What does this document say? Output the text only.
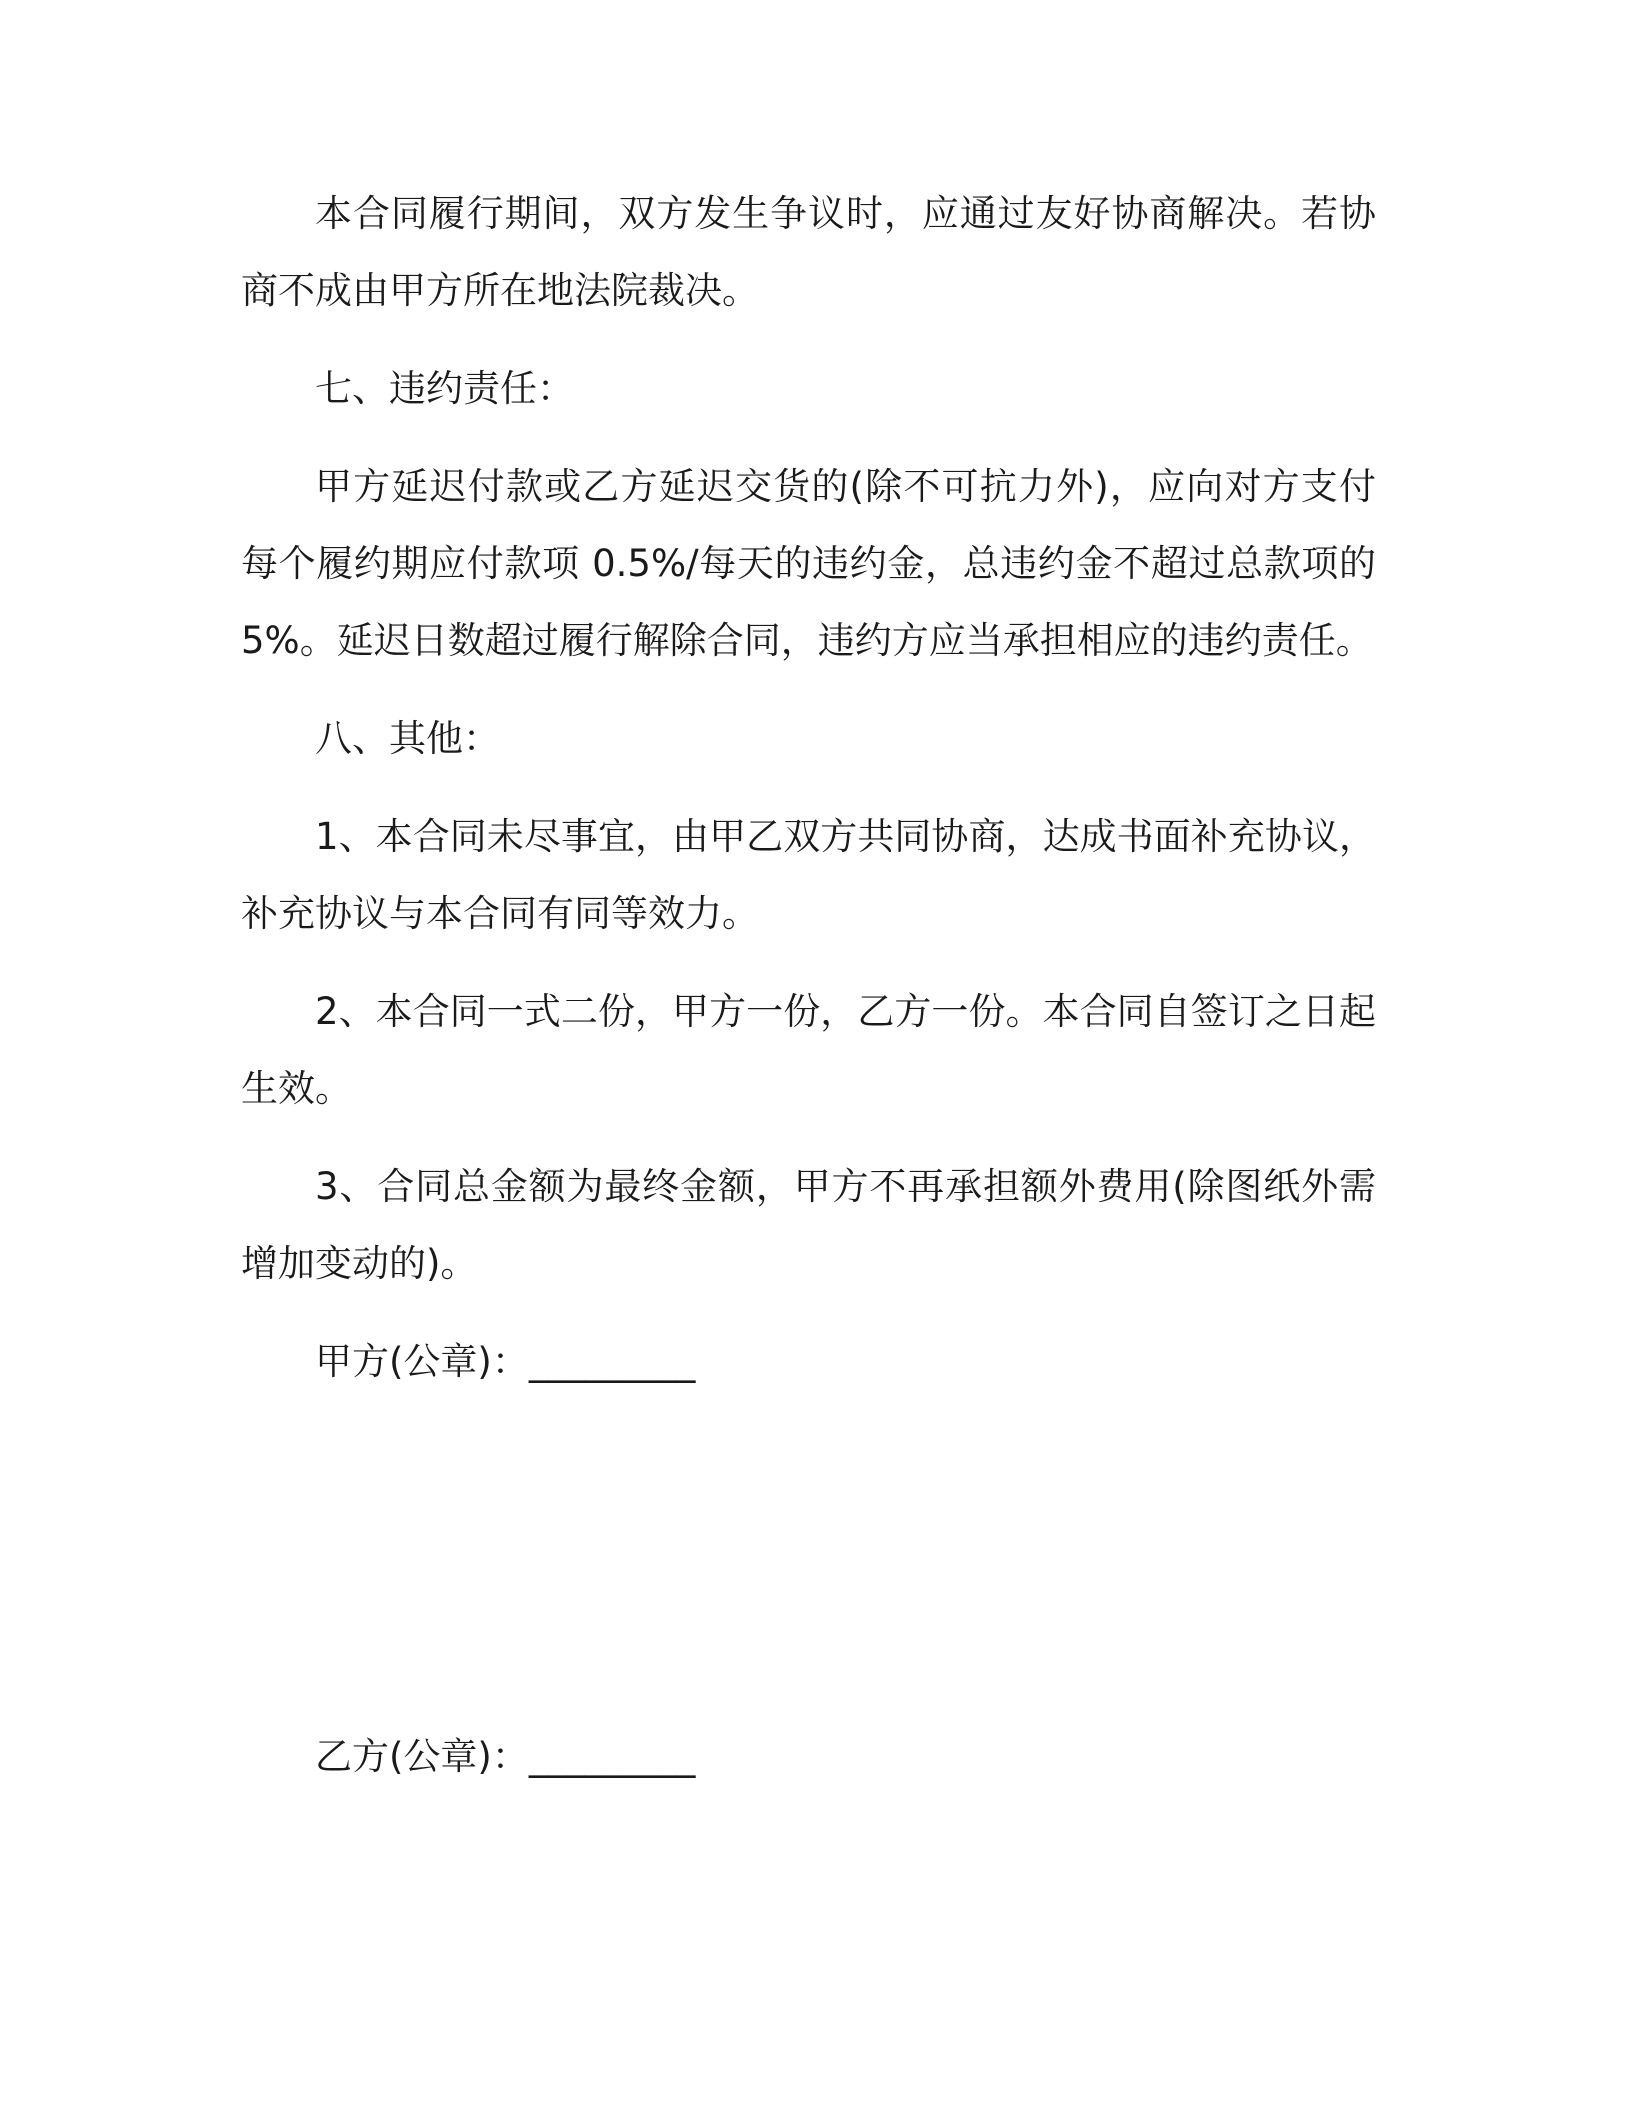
本合同履行期间，双方发生争议时，应通过友好协商解决。若协商不成由甲方所在地法院裁决。

七、违约责任：

甲方延迟付款或乙方延迟交货的(除不可抗力外)，应向对方支付每个履约期应付款项 0.5%/每天的违约金，总违约金不超过总款项的5%。延迟日数超过履行解除合同，违约方应当承担相应的违约责任。

八、其他：

1、本合同未尽事宜，由甲乙双方共同协商，达成书面补充协议，补充协议与本合同有同等效力。

2、本合同一式二份，甲方一份，乙方一份。本合同自签订之日起生效。

3、合同总金额为最终金额，甲方不再承担额外费用(除图纸外需增加变动的)。

甲方(公章)：_________

乙方(公章)：_________
